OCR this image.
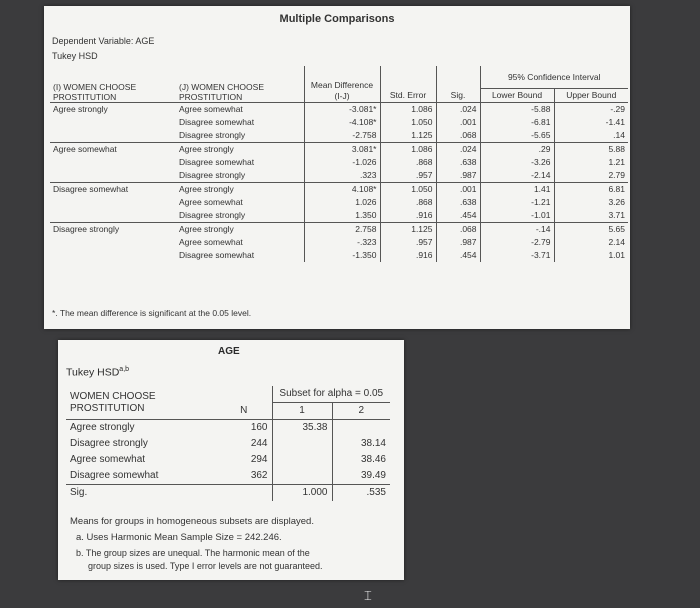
Multiple Comparisons
Dependent Variable: AGE
Tukey HSD
(I) WOMEN CHOOSE PROSTITUTION	(J) WOMEN CHOOSE PROSTITUTION	Mean Difference (I-J)	Std. Error	Sig.	95% Confidence Interval	
					Lower Bound	Upper Bound
Agree strongly	Agree somewhat	-3.081*	1.086	.024	-5.88	-.29
	Disagree somewhat	-4.108*	1.050	.001	-6.81	-1.41
	Disagree strongly	-2.758	1.125	.068	-5.65	.14
Agree somewhat	Agree strongly	3.081*	1.086	.024	.29	5.88
	Disagree somewhat	-1.026	.868	.638	-3.26	1.21
	Disagree strongly	.323	.957	.987	-2.14	2.79
Disagree somewhat	Agree strongly	4.108*	1.050	.001	1.41	6.81
	Agree somewhat	1.026	.868	.638	-1.21	3.26
	Disagree strongly	1.350	.916	.454	-1.01	3.71
Disagree strongly	Agree strongly	2.758	1.125	.068	-.14	5.65
	Agree somewhat	-.323	.957	.987	-2.79	2.14
	Disagree somewhat	-1.350	.916	.454	-3.71	1.01
*. The mean difference is significant at the 0.05 level.
AGE
Tukey HSD$^{a,b}$
WOMEN CHOOSE PROSTITUTION	N	Subset for alpha = 0.05	
		1	2
Agree strongly	160	35.38	
Disagree strongly	244		38.14
Agree somewhat	294		38.46
Disagree somewhat	362		39.49
Sig.		1.000	.535
Means for groups in homogeneous subsets are displayed.
a. Uses Harmonic Mean Sample Size = 242.246.
b. The group sizes are unequal. The harmonic mean of the
group sizes is used. Type I error levels are not guaranteed.
⌶
